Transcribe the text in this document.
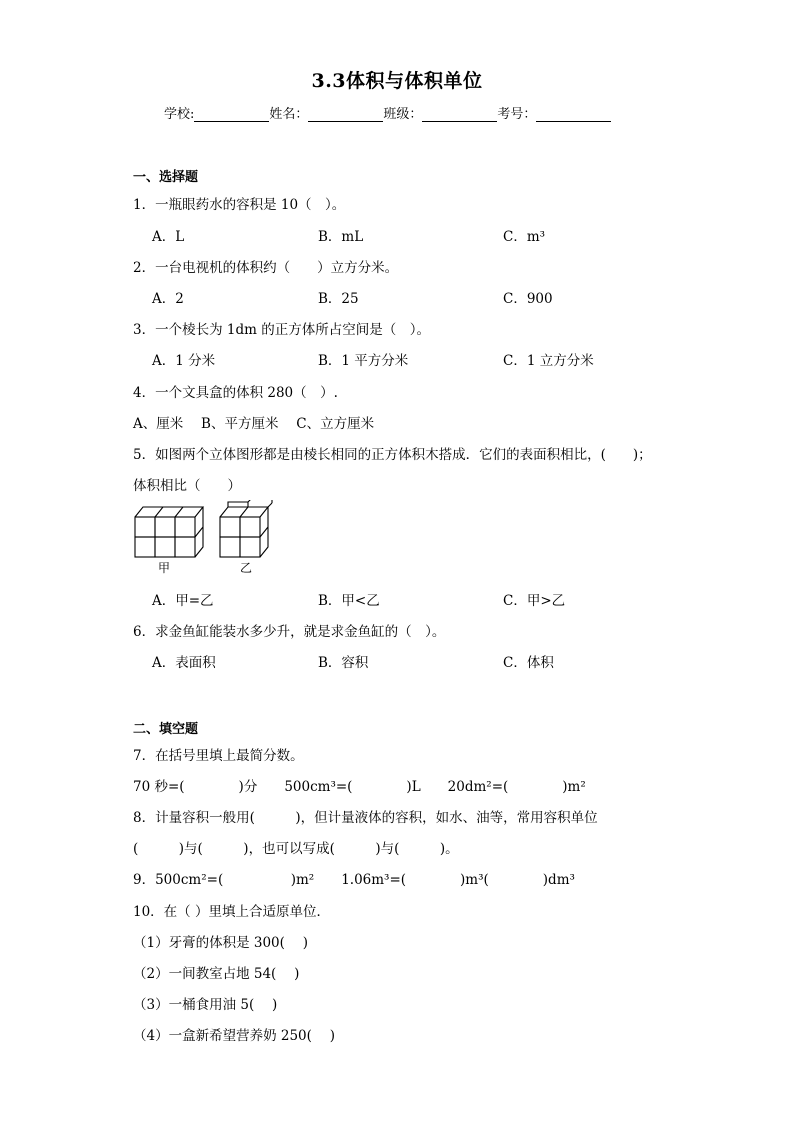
3.3体积与体积单位
学校:	姓名：	班级：	考号：
一、选择题
1．一瓶眼药水的容积是 10（　）。
A．L	B．mL	C．m³
2．一台电视机的体积约（　　）立方分米。
A．2	B．25	C．900
3．一个棱长为 1dm 的正方体所占空间是（　）。
A．1 分米	B．1 平方分米	C．1 立方分米
4．一个文具盒的体积 280（　）.
A、厘米　 B、平方厘米　 C、立方厘米
5．如图两个立体图形都是由棱长相同的正方体积木搭成．它们的表面积相比，(　　)；
体积相比（　　）
甲	乙
A．甲=乙	B．甲<乙	C．甲>乙
6．求金鱼缸能装水多少升，就是求金鱼缸的（　）。
A．表面积	B．容积	C．体积
二、填空题
7．在括号里填上最简分数。
70 秒=(　　　　)分　　500cm³=(　　　　)L　　20dm²=(　　　　)m²
8．计量容积一般用(　　　)，但计量液体的容积，如水、油等，常用容积单位
(　　　)与(　　　)，也可以写成(　　　)与(　　　)。
9．500cm²=(　　　　　)m²　　1.06m³=(　　　　)m³(　　　　)dm³
10．在（ ）里填上合适原单位．
（1）牙膏的体积是 300(　 )
（2）一间教室占地 54(　 )
（3）一桶食用油 5(　 )
（4）一盒新希望营养奶 250(　 )
